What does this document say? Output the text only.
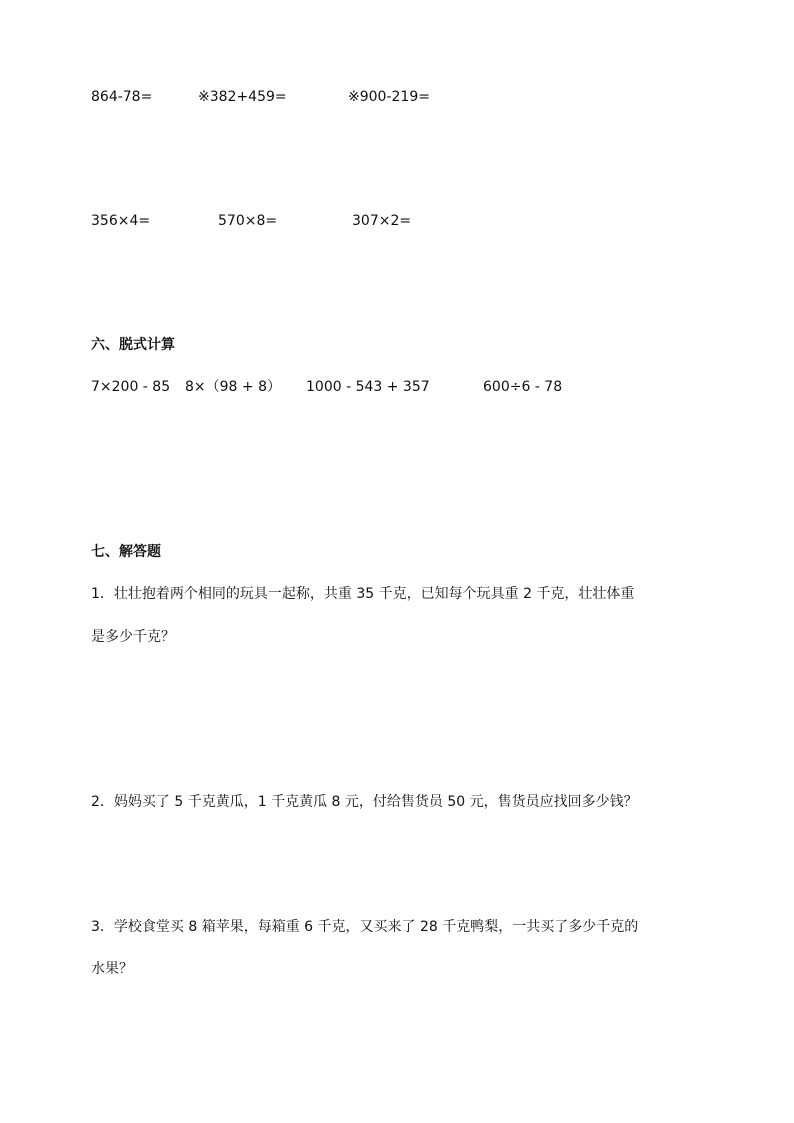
864-78=	※382+459=	※900-219=
356×4=	570×8=	307×2=
六、脱式计算
7×200 - 85 8×（98 + 8） 1000 - 543 + 357	600÷6 - 78
七、解答题
1．壮壮抱着两个相同的玩具一起称，共重 35 千克，已知每个玩具重 2 千克，壮壮体重
是多少千克？
2．妈妈买了 5 千克黄瓜，1 千克黄瓜 8 元，付给售货员 50 元，售货员应找回多少钱？
3．学校食堂买 8 箱苹果，每箱重 6 千克，又买来了 28 千克鸭梨，一共买了多少千克的
水果？
